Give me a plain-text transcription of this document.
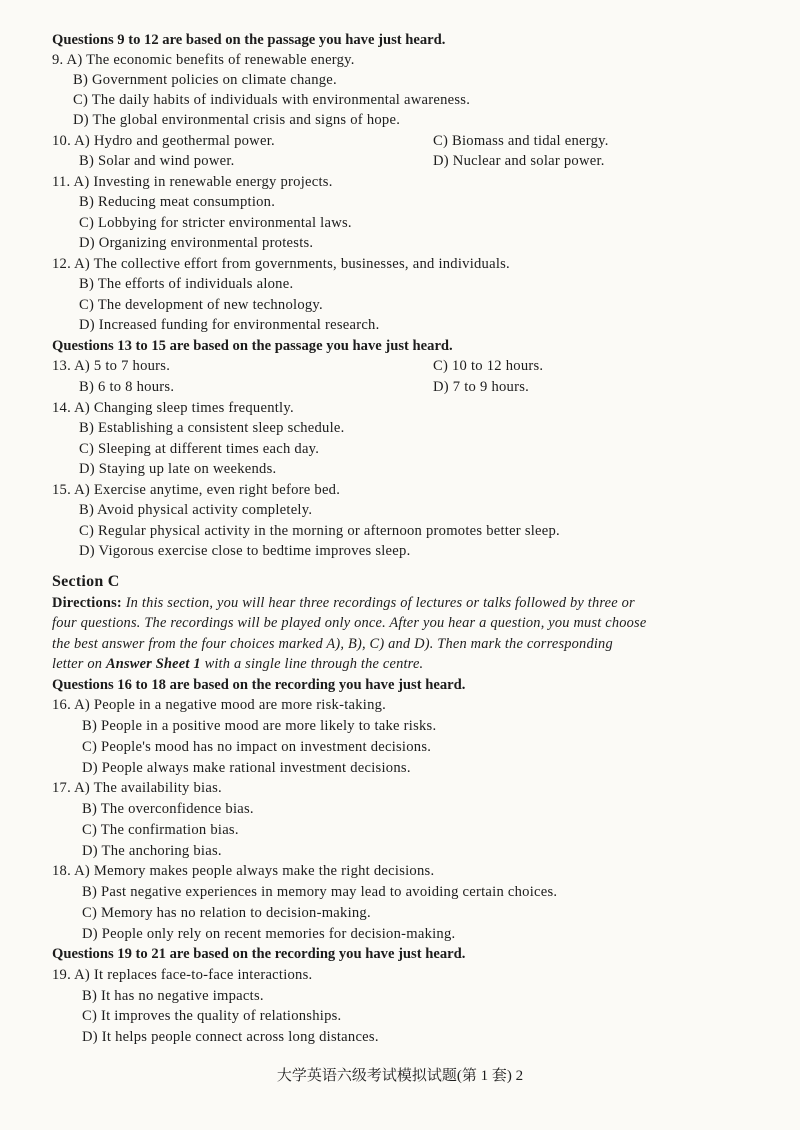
Questions 9 to 12 are based on the passage you have just heard.
9. A) The economic benefits of renewable energy.
B) Government policies on climate change.
C) The daily habits of individuals with environmental awareness.
D) The global environmental crisis and signs of hope.
10. A) Hydro and geothermal power.	C) Biomass and tidal energy.
B) Solar and wind power.	D) Nuclear and solar power.
11. A) Investing in renewable energy projects.
B) Reducing meat consumption.
C) Lobbying for stricter environmental laws.
D) Organizing environmental protests.
12. A) The collective effort from governments, businesses, and individuals.
B) The efforts of individuals alone.
C) The development of new technology.
D) Increased funding for environmental research.
Questions 13 to 15 are based on the passage you have just heard.
13. A) 5 to 7 hours.	C) 10 to 12 hours.
B) 6 to 8 hours.	D) 7 to 9 hours.
14. A) Changing sleep times frequently.
B) Establishing a consistent sleep schedule.
C) Sleeping at different times each day.
D) Staying up late on weekends.
15. A) Exercise anytime, even right before bed.
B) Avoid physical activity completely.
C) Regular physical activity in the morning or afternoon promotes better sleep.
D) Vigorous exercise close to bedtime improves sleep.
Section C
Directions: In this section, you will hear three recordings of lectures or talks followed by three or
four questions. The recordings will be played only once. After you hear a question, you must choose
the best answer from the four choices marked A), B), C) and D). Then mark the corresponding
letter on Answer Sheet 1 with a single line through the centre.
Questions 16 to 18 are based on the recording you have just heard.
16. A) People in a negative mood are more risk-taking.
B) People in a positive mood are more likely to take risks.
C) People's mood has no impact on investment decisions.
D) People always make rational investment decisions.
17. A) The availability bias.
B) The overconfidence bias.
C) The confirmation bias.
D) The anchoring bias.
18. A) Memory makes people always make the right decisions.
B) Past negative experiences in memory may lead to avoiding certain choices.
C) Memory has no relation to decision-making.
D) People only rely on recent memories for decision-making.
Questions 19 to 21 are based on the recording you have just heard.
19. A) It replaces face-to-face interactions.
B) It has no negative impacts.
C) It improves the quality of relationships.
D) It helps people connect across long distances.
大学英语六级考试模拟试题(第 1 套) 2
